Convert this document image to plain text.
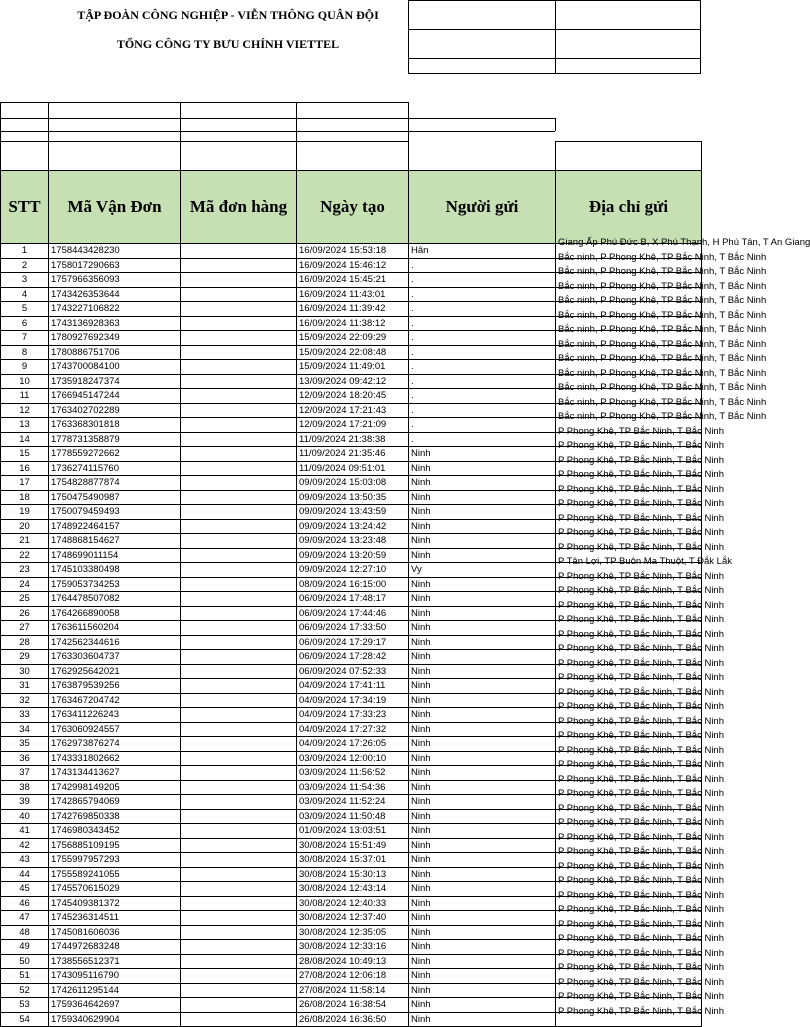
TẬP ĐOÀN CÔNG NGHIỆP - VIỄN THÔNG QUÂN ĐỘI
TỔNG CÔNG TY BƯU CHÍNH VIETTEL
STT	Mã Vận Đơn	Mã đơn hàng	Ngày tạo	Người gửi	Địa chỉ gửi
1	1758443428230		16/09/2024 15:53:18	Hân	Giang Ấp Phú Đức B, X Phú Thạnh, H Phú Tân, T An Giang

2	1758017290663		16/09/2024 15:46:12	.	Bắc ninh, P Phong Khê, TP Bắc Ninh, T Bắc Ninh

3	1757966356093		16/09/2024 15:45:21	.	Bắc ninh, P Phong Khê, TP Bắc Ninh, T Bắc Ninh

4	1743426353644		16/09/2024 11:43:01	.	Bắc ninh, P Phong Khê, TP Bắc Ninh, T Bắc Ninh

5	1743227106822		16/09/2024 11:39:42	.	Bắc ninh, P Phong Khê, TP Bắc Ninh, T Bắc Ninh

6	1743136928363		16/09/2024 11:38:12	.	Bắc ninh, P Phong Khê, TP Bắc Ninh, T Bắc Ninh

7	1780927692349		15/09/2024 22:09:29	.	Bắc ninh, P Phong Khê, TP Bắc Ninh, T Bắc Ninh

8	1780886751706		15/09/2024 22:08:48	.	Bắc ninh, P Phong Khê, TP Bắc Ninh, T Bắc Ninh

9	1743700084100		15/09/2024 11:49:01	.	Bắc ninh, P Phong Khê, TP Bắc Ninh, T Bắc Ninh

10	1735918247374		13/09/2024 09:42:12	.	Bắc ninh, P Phong Khê, TP Bắc Ninh, T Bắc Ninh

11	1766945147244		12/09/2024 18:20:45	.	Bắc ninh, P Phong Khê, TP Bắc Ninh, T Bắc Ninh

12	1763402702289		12/09/2024 17:21:43	.	Bắc ninh, P Phong Khê, TP Bắc Ninh, T Bắc Ninh

13	1763368301818		12/09/2024 17:21:09	.	Bắc ninh, P Phong Khê, TP Bắc Ninh, T Bắc Ninh

14	1778731358879		11/09/2024 21:38:38	.	P Phong Khê, TP Bắc Ninh, T Bắc Ninh

15	1778559272662		11/09/2024 21:35:46	Ninh	P Phong Khê, TP Bắc Ninh, T Bắc Ninh

16	1736274115760		11/09/2024 09:51:01	Ninh	P Phong Khê, TP Bắc Ninh, T Bắc Ninh

17	1754828877874		09/09/2024 15:03:08	Ninh	P Phong Khê, TP Bắc Ninh, T Bắc Ninh

18	1750475490987		09/09/2024 13:50:35	Ninh	P Phong Khê, TP Bắc Ninh, T Bắc Ninh

19	1750079459493		09/09/2024 13:43:59	Ninh	P Phong Khê, TP Bắc Ninh, T Bắc Ninh

20	1748922464157		09/09/2024 13:24:42	Ninh	P Phong Khê, TP Bắc Ninh, T Bắc Ninh

21	1748868154627		09/09/2024 13:23:48	Ninh	P Phong Khê, TP Bắc Ninh, T Bắc Ninh

22	1748699011154		09/09/2024 13:20:59	Ninh	P Phong Khê, TP Bắc Ninh, T Bắc Ninh

23	1745103380498		09/09/2024 12:27:10	Vy	P Tân Lợi, TP Buôn Ma Thuột, T Đắk Lắk

24	1759053734253		08/09/2024 16:15:00	Ninh	P Phong Khê, TP Bắc Ninh, T Bắc Ninh

25	1764478507082		06/09/2024 17:48:17	Ninh	P Phong Khê, TP Bắc Ninh, T Bắc Ninh

26	1764266890058		06/09/2024 17:44:46	Ninh	P Phong Khê, TP Bắc Ninh, T Bắc Ninh

27	1763611560204		06/09/2024 17:33:50	Ninh	P Phong Khê, TP Bắc Ninh, T Bắc Ninh

28	1742562344616		06/09/2024 17:29:17	Ninh	P Phong Khê, TP Bắc Ninh, T Bắc Ninh

29	1763303604737		06/09/2024 17:28:42	Ninh	P Phong Khê, TP Bắc Ninh, T Bắc Ninh

30	1762925642021		06/09/2024 07:52:33	Ninh	P Phong Khê, TP Bắc Ninh, T Bắc Ninh

31	1763879539256		04/09/2024 17:41:11	Ninh	P Phong Khê, TP Bắc Ninh, T Bắc Ninh

32	1763467204742		04/09/2024 17:34:19	Ninh	P Phong Khê, TP Bắc Ninh, T Bắc Ninh

33	1763411226243		04/09/2024 17:33:23	Ninh	P Phong Khê, TP Bắc Ninh, T Bắc Ninh

34	1763060924557		04/09/2024 17:27:32	Ninh	P Phong Khê, TP Bắc Ninh, T Bắc Ninh

35	1762973876274		04/09/2024 17:26:05	Ninh	P Phong Khê, TP Bắc Ninh, T Bắc Ninh

36	1743331802662		03/09/2024 12:00:10	Ninh	P Phong Khê, TP Bắc Ninh, T Bắc Ninh

37	1743134413627		03/09/2024 11:56:52	Ninh	P Phong Khê, TP Bắc Ninh, T Bắc Ninh

38	1742998149205		03/09/2024 11:54:36	Ninh	P Phong Khê, TP Bắc Ninh, T Bắc Ninh

39	1742865794069		03/09/2024 11:52:24	Ninh	P Phong Khê, TP Bắc Ninh, T Bắc Ninh

40	1742769850338		03/09/2024 11:50:48	Ninh	P Phong Khê, TP Bắc Ninh, T Bắc Ninh

41	1746980343452		01/09/2024 13:03:51	Ninh	P Phong Khê, TP Bắc Ninh, T Bắc Ninh

42	1756885109195		30/08/2024 15:51:49	Ninh	P Phong Khê, TP Bắc Ninh, T Bắc Ninh

43	1755997957293		30/08/2024 15:37:01	Ninh	P Phong Khê, TP Bắc Ninh, T Bắc Ninh

44	1755589241055		30/08/2024 15:30:13	Ninh	P Phong Khê, TP Bắc Ninh, T Bắc Ninh

45	1745570615029		30/08/2024 12:43:14	Ninh	P Phong Khê, TP Bắc Ninh, T Bắc Ninh

46	1745409381372		30/08/2024 12:40:33	Ninh	P Phong Khê, TP Bắc Ninh, T Bắc Ninh

47	1745236314511		30/08/2024 12:37:40	Ninh	P Phong Khê, TP Bắc Ninh, T Bắc Ninh

48	1745081606036		30/08/2024 12:35:05	Ninh	P Phong Khê, TP Bắc Ninh, T Bắc Ninh

49	1744972683248		30/08/2024 12:33:16	Ninh	P Phong Khê, TP Bắc Ninh, T Bắc Ninh

50	1738556512371		28/08/2024 10:49:13	Ninh	P Phong Khê, TP Bắc Ninh, T Bắc Ninh

51	1743095116790		27/08/2024 12:06:18	Ninh	P Phong Khê, TP Bắc Ninh, T Bắc Ninh

52	1742611295144		27/08/2024 11:58:14	Ninh	P Phong Khê, TP Bắc Ninh, T Bắc Ninh

53	1759364642697		26/08/2024 16:38:54	Ninh	P Phong Khê, TP Bắc Ninh, T Bắc Ninh

54	1759340629904		26/08/2024 16:36:50	Ninh	P Phong Khê, TP Bắc Ninh, T Bắc Ninh
